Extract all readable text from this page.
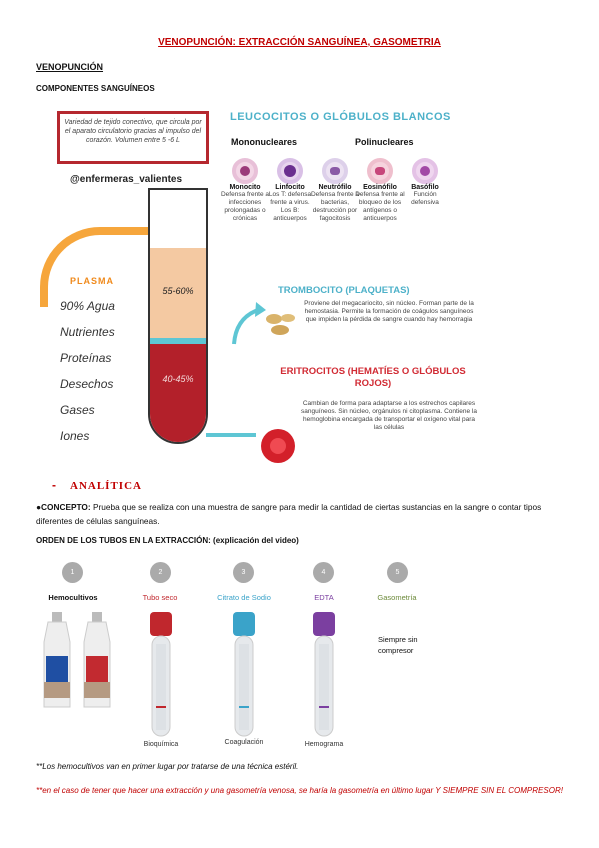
VENOPUNCIÓN: EXTRACCIÓN SANGUÍNEA, GASOMETRIA
VENOPUNCIÓN
COMPONENTES SANGUÍNEOS
Variedad de tejido conectivo, que circula por el aparato circulatorio gracias al impulso del corazón. Volumen entre 5 -6 L
@enfermeras_valientes
55-60%
40-45%
PLASMA
90% Agua
Nutrientes
Proteínas
Desechos
Gases
Iones
LEUCOCITOS O GLÓBULOS BLANCOS
Mononucleares	Polinucleares
Monocito
Defensa frente a infecciones prolongadas o crónicas
Linfocito
Los T: defensa frente a virus. Los B: anticuerpos
Neutrófilo
Defensa frente a bacterias, destrucción por fagocitosis
Eosinófilo
Defensa frente al bloqueo de los antígenos o anticuerpos
Basófilo
Función defensiva
TROMBOCITO (PLAQUETAS)
Proviene del megacariocito, sin núcleo. Forman parte de la hemostasia. Permite la formación de coágulos sanguíneos que impiden la pérdida de sangre cuando hay hemorragia
ERITROCITOS (HEMATÍES O GLÓBULOS ROJOS)
Cambian de forma para adaptarse a los estrechos capilares sanguíneos. Sin núcleo, orgánulos ni citoplasma. Contiene la hemoglobina encargada de transportar el oxígeno vital para las células
- ANALÍTICA
●CONCEPTO: Prueba que se realiza con una muestra de sangre para medir la cantidad de ciertas sustancias en la sangre o contar tipos diferentes de células sanguíneas.
ORDEN DE LOS TUBOS EN LA EXTRACCIÓN: (explicación del video)
1	2	3	4	5
Hemocultivos	Tubo seco	Citrato de Sodio	EDTA	Gasometría
Siempre sin compresor
Bioquímica	Coagulación	Hemograma
**Los hemocultivos van en primer lugar por tratarse de una técnica estéril.
**en el caso de tener que hacer una extracción y una gasometría venosa, se haría la gasometría en último lugar Y SIEMPRE SIN EL COMPRESOR!
